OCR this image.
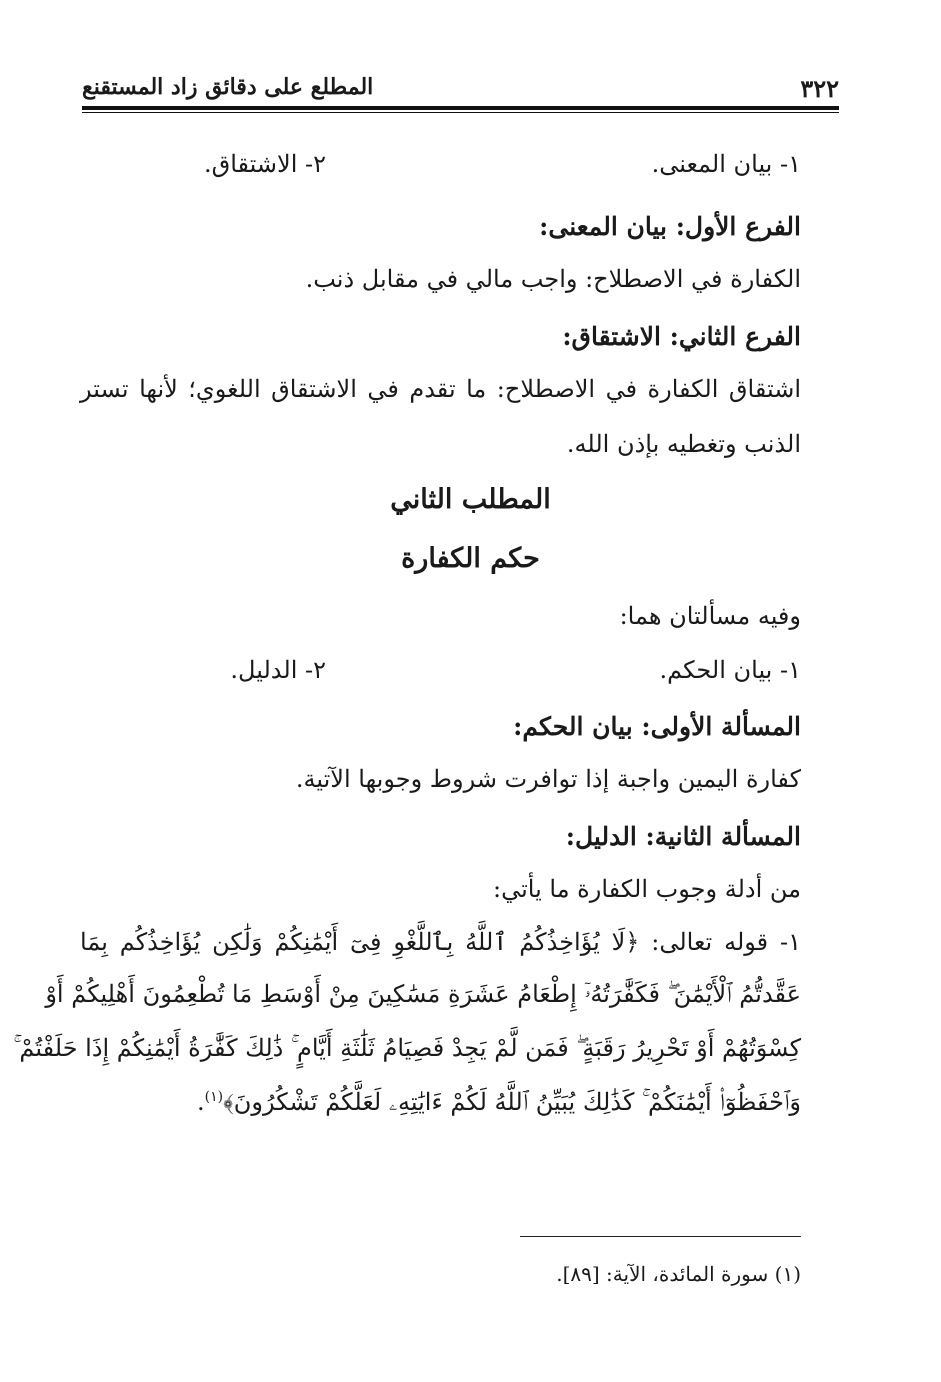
٣٢٢
المطلع على دقائق زاد المستقنع
١- بيان المعنى.
٢- الاشتقاق.
الفرع الأول: بيان المعنى:
الكفارة في الاصطلاح: واجب مالي في مقابل ذنب.
الفرع الثاني: الاشتقاق:
اشتقاق الكفارة في الاصطلاح: ما تقدم في الاشتقاق اللغوي؛ لأنها تستر
الذنب وتغطيه بإذن الله.
المطلب الثاني
حكم الكفارة
وفيه مسألتان هما:
١- بيان الحكم.
٢- الدليل.
المسألة الأولى: بيان الحكم:
كفارة اليمين واجبة إذا توافرت شروط وجوبها الآتية.
المسألة الثانية: الدليل:
من أدلة وجوب الكفارة ما يأتي:
١- قوله تعالى: ﴿لَا يُؤَاخِذُكُمُ ٱللَّهُ بِٱللَّغْوِ فِىٓ أَيْمَٰنِكُمْ وَلَٰكِن يُؤَاخِذُكُم بِمَا
عَقَّدتُّمُ ٱلْأَيْمَٰنَ ۖ فَكَفَّٰرَتُهُۥٓ إِطْعَامُ عَشَرَةِ مَسَٰكِينَ مِنْ أَوْسَطِ مَا تُطْعِمُونَ أَهْلِيكُمْ أَوْ
كِسْوَتُهُمْ أَوْ تَحْرِيرُ رَقَبَةٍ ۖ فَمَن لَّمْ يَجِدْ فَصِيَامُ ثَلَٰثَةِ أَيَّامٍ ۚ ذَٰلِكَ كَفَّٰرَةُ أَيْمَٰنِكُمْ إِذَا حَلَفْتُمْ ۚ
وَٱحْفَظُوٓا۟ أَيْمَٰنَكُمْ ۚ كَذَٰلِكَ يُبَيِّنُ ٱللَّهُ لَكُمْ ءَايَٰتِهِۦ لَعَلَّكُمْ تَشْكُرُونَ﴾$^{(١)}$.
(١) سورة المائدة، الآية: [٨٩].
